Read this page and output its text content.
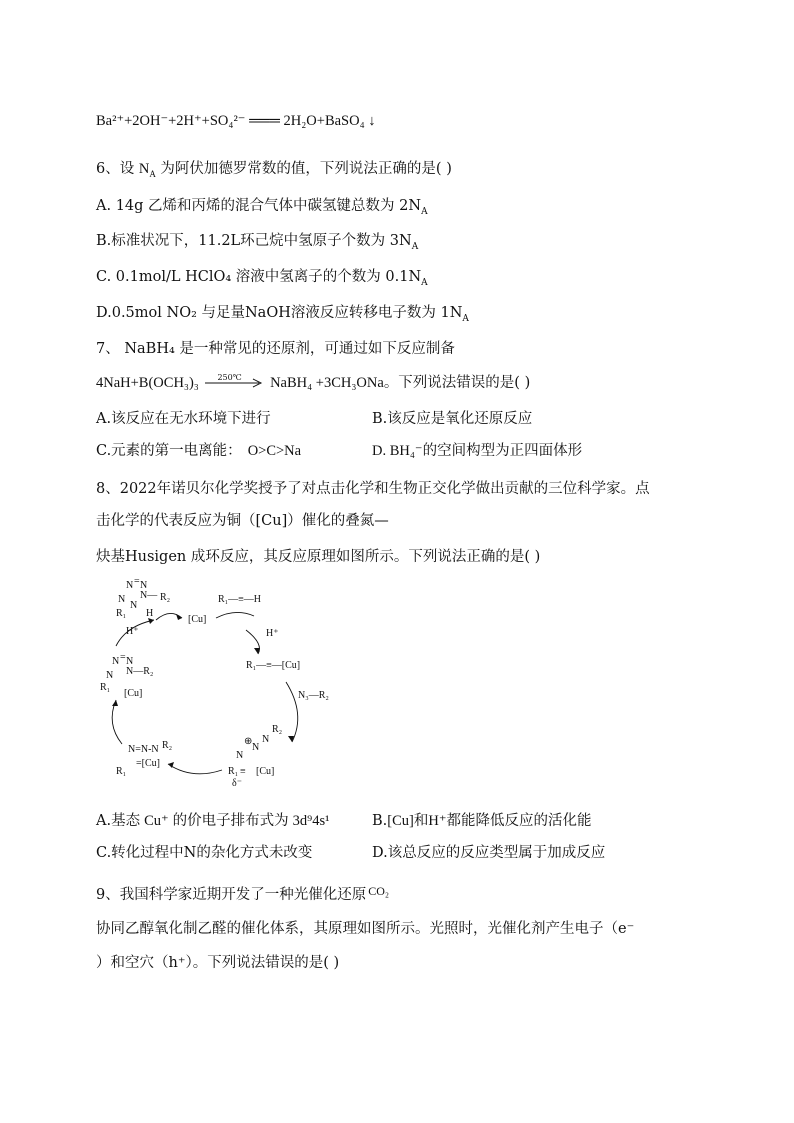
Ba²⁺+2OH⁻+2H⁺+SO₄²⁻ ═══ 2H₂O+BaSO₄ ↓
6、设 $N_A$ 为阿伏加德罗常数的值，下列说法正确的是( )
A. 14g 乙烯和丙烯的混合气体中碳氢键总数为 $2N_A$
B.标准状况下，11.2L环己烷中氢原子个数为 $3N_A$
C. 0.1mol/L HClO₄ 溶液中氢离子的个数为 $0.1N_A$
D.0.5mol NO₂ 与足量NaOH溶液反应转移电子数为 $1N_A$
7、 NaBH₄ 是一种常见的还原剂，可通过如下反应制备
4NaH+B(OCH₃)₃ 250℃ NaBH₄ +3CH₃ONa。下列说法错误的是( )
A.该反应在无水环境下进行	B.该反应是氧化还原反应
C.元素的第一电离能： O>C>Na	D. BH₄⁻的空间构型为正四面体形
8、2022年诺贝尔化学奖授予了对点击化学和生物正交化学做出贡献的三位科学家。点
击化学的代表反应为铜（[Cu]）催化的叠氮—
炔基Husigen 成环反应，其反应原理如图所示。下列说法正确的是( )
N = N
N
N
N— R₂
R₁ H
[Cu]
H⁺
R₁—≡—H
H⁺
R₁—≡—[Cu]
N₃—R₂
N = N
N N—R₂
R₁
[Cu]
N=N-N R₂
=[Cu]
R₁
⊕
N
N
R₂
N
R₁ ≡ [Cu]
δ⁻
A.基态 Cu⁺ 的价电子排布式为 3d⁹4s¹	B.[Cu]和H⁺都能降低反应的活化能
C.转化过程中N的杂化方式未改变	D.该总反应的反应类型属于加成反应
9、我国科学家近期开发了一种光催化还原 $^{CO_2}$
协同乙醇氧化制乙醛的催化体系，其原理如图所示。光照时，光催化剂产生电子（e⁻
）和空穴（h⁺）。下列说法错误的是( )
